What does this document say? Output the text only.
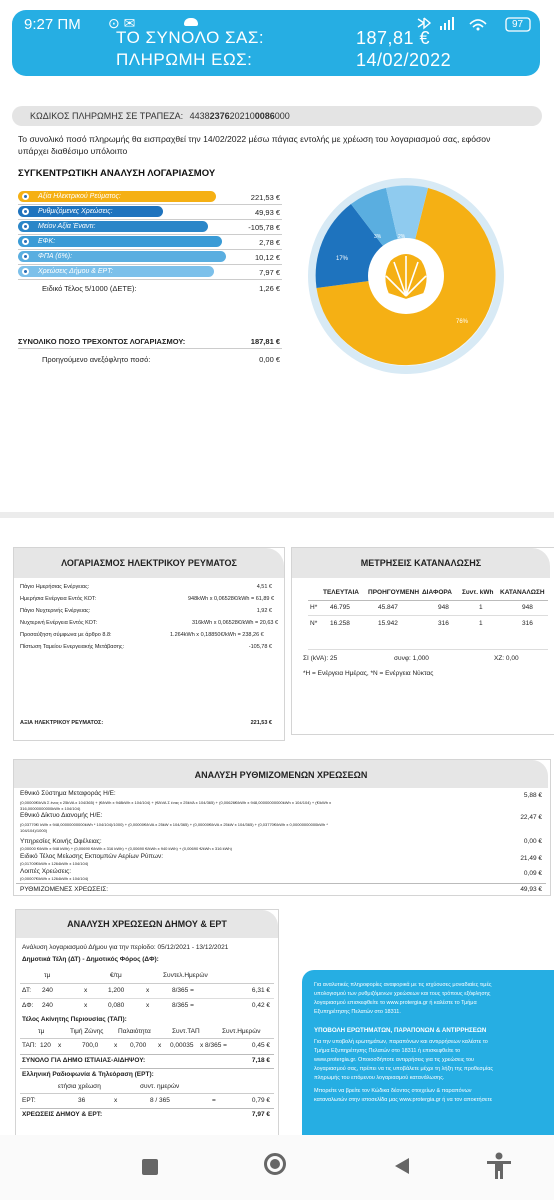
9:27 ΠΜ ⊙ ✉
ΤΟ ΣΥΝΟΛΟ ΣΑΣ:	187,81 €
ΠΛΗΡΩΜΗ ΕΩΣ:	14/02/2022
97
ΚΩΔΙΚΟΣ ΠΛΗΡΩΜΗΣ ΣΕ ΤΡΑΠΕΖΑ: 44382376202100086000
Το συνολικό ποσό πληρωμής θα εισπραχθεί την 14/02/2022 μέσω πάγιας εντολής με χρέωση του λογαριασμού σας, εφόσον
υπάρχει διαθέσιμο υπόλοιπο
ΣΥΓΚΕΝΤΡΩΤΙΚΗ ΑΝΑΛΥΣΗ ΛΟΓΑΡΙΑΣΜΟΥ
Αξία Ηλεκτρικού Ρεύματος:	221,53 €
Ρυθμιζόμενες Χρεώσεις:	49,93 €
Μείον Αξία Έναντι:	-105,78 €
ΕΦΚ:	2,78 €
ΦΠΑ (6%):	10,12 €
Χρεώσεις Δήμου & ΕΡΤ:	7,97 €
Ειδικό Τέλος 5/1000 (ΔΕΤΕ):	1,26 €
ΣΥΝΟΛΙΚΟ ΠΟΣΟ ΤΡΕΧΟΝΤΟΣ ΛΟΓΑΡΙΑΣΜΟΥ:	187,81 €
Προηγούμενο ανεξόφλητο ποσό:	0,00 €
76%
17%
3%	2%
ΛΟΓΑΡΙΑΣΜΟΣ ΗΛΕΚΤΡΙΚΟΥ ΡΕΥΜΑΤΟΣ
Πάγιο Ημερήσιας Ενέργειας:	4,51 €
Ημερήσια Ενέργεια Εντός ΚΟΤ:	948kWh x 0,06528€/kWh = 61,89 €
Πάγιο Νυχτερινής Ενέργειας:	1,92 €
Νυχτερινή Ενέργεια Εντός ΚΟΤ:	316kWh x 0,06528€/kWh = 20,63 €
Προσαύξηση σύμφωνα με άρθρο 8.8:	1.264kWh x 0,18850€/kWh = 238,26 €
Πίστωση Ταμείου Ενεργειακής Μετάβασης:	-105,78 €
ΑΞΙΑ ΗΛΕΚΤΡΙΚΟΥ ΡΕΥΜΑΤΟΣ:	221,53 €
ΜΕΤΡΗΣΕΙΣ ΚΑΤΑΝΑΛΩΣΗΣ
ΤΕΛΕΥΤΑΙΑ ΠΡΟΗΓΟΥΜΕΝΗ ΔΙΑΦΟΡΑ Συντ. kWh ΚΑΤΑΝΑΛΩΣΗ
H* 46.795	45.847	948	1	948
N* 16.258	15.942	316	1	316
ΣΙ (kVA): 25	συνφ: 1,000	ΧΖ: 0,00
*Η = Ενέργεια Ημέρας, *Ν = Ενέργεια Νύκτας
ΑΝΑΛΥΣΗ ΡΥΘΜΙΖΟΜΕΝΩΝ ΧΡΕΩΣΕΩΝ
Εθνικό Σύστημα Μεταφοράς Η/Ε:
(0,00000€/kVA Σ ένας x 25kVA x 104/365) + (€/kWh x 948kWh x 104/104) + (€/kVA Σ ένας x 25kVA x 104/365) + (0,00626€/kWh x 948,00000000000kWh x 104/104) + (€/kWh x
316,00000000000kWh x 104/104)
5,88 €
Εθνικό Δίκτυο Διανομής Η/Ε:
(0,03770€/ kWh x 948,00000000000kWh * 104/104)/1000) + (0,00000€/kVA x 25kW x 104/365) + (0,00000€/kVA x 25kW x 104/365) + (0,03770€/kWh x 0,00000000000kWh *
104/104)/1000)
22,47 €
Υπηρεσίες Κοινής Ωφέλειας:
(0,00000 €/kWh x 948 kWh) + (0,00690 €/kWh x 316 kWh) + (0,00690 €/kWh x 940 kWh) + (0,00690 €/kWh x 316 kWh)
0,00 €
Ειδικό Τέλος Μείωσης Εκπομπών Αερίων Ρύπων:
(0,01700€/kWh x 1264kWh x 104/104)
21,49 €
Λοιπές Χρεώσεις:
(0,00007€/kWh x 1264kWh x 104/104)
0,09 €
ΡΥΘΜΙΖΟΜΕΝΕΣ ΧΡΕΩΣΕΙΣ:	49,93 €
ΑΝΑΛΥΣΗ ΧΡΕΩΣΕΩΝ ΔΗΜΟΥ & ΕΡΤ
Ανάλυση λογαριασμού Δήμου για την περίοδο: 05/12/2021 - 13/12/2021
Δημοτικά Τέλη (ΔΤ) - Δημοτικός Φόρος (ΔΦ):
τμ	€/τμ	Συντελ.Ημερών
ΔΤ: 240	x	1,200	x	8/365 =	6,31 €
ΔΦ: 240	x	0,080	x	8/365 =	0,42 €
Τέλος Ακίνητης Περιουσίας (ΤΑΠ):
τμ	Τιμή Ζώνης Παλαιότητα	Συντ.ΤΑΠ	Συντ.Ημερών
ΤΑΠ: 120 x	700,0 x 0,700 x 0,00035 x 8/365 =	0,45 €
ΣΥΝΟΛΟ ΓΙΑ ΔΗΜΟ ΙΣΤΙΑΙΑΣ-ΑΙΔΗΨΟΥ:	7,18 €
Ελληνική Ραδιοφωνία & Τηλεόραση (ΕΡΤ):
ετήσια χρέωση	συντ. ημερών
ΕΡΤ:	36	x	8 / 365	=	0,79 €
ΧΡΕΩΣΕΙΣ ΔΗΜΟΥ & ΕΡΤ:	7,97 €
Για αναλυτικές πληροφορίες αναφορικά με τις ισχύουσες μοναδιαίες τιμές
υπολογισμού των ρυθμιζόμενων χρεώσεων και τους τρόπους εξόφλησης
λογαριασμού επισκεφθείτε το www.protergia.gr ή καλέστε το Τμήμα
Εξυπηρέτησης Πελατών στο 18311.
ΥΠΟΒΟΛΗ ΕΡΩΤΗΜΑΤΩΝ, ΠΑΡΑΠΟΝΩΝ & ΑΝΤΙΡΡΗΣΕΩΝ
Για την υποβολή ερωτημάτων, παραπόνων και αντιρρήσεων καλέστε το
Τμήμα Εξυπηρέτησης Πελατών στο 18311 ή επισκεφθείτε το
www.protergia.gr. Οποιοσδήποτε αντιρρήσεις για τις χρεώσεις του
λογαριασμού σας, πρέπει να τις υποβάλετε μέχρι τη λήξη της προθεσμίας
πληρωμής του επόμενου λογαριασμού κατανάλωσης.
Μπορείτε να βρείτε τον Κώδικα δέοντος στοιχείων & παραπόνων
καταναλωτών στην ιστοσελίδα μας www.protergia.gr ή να τον αποκτήσετε
